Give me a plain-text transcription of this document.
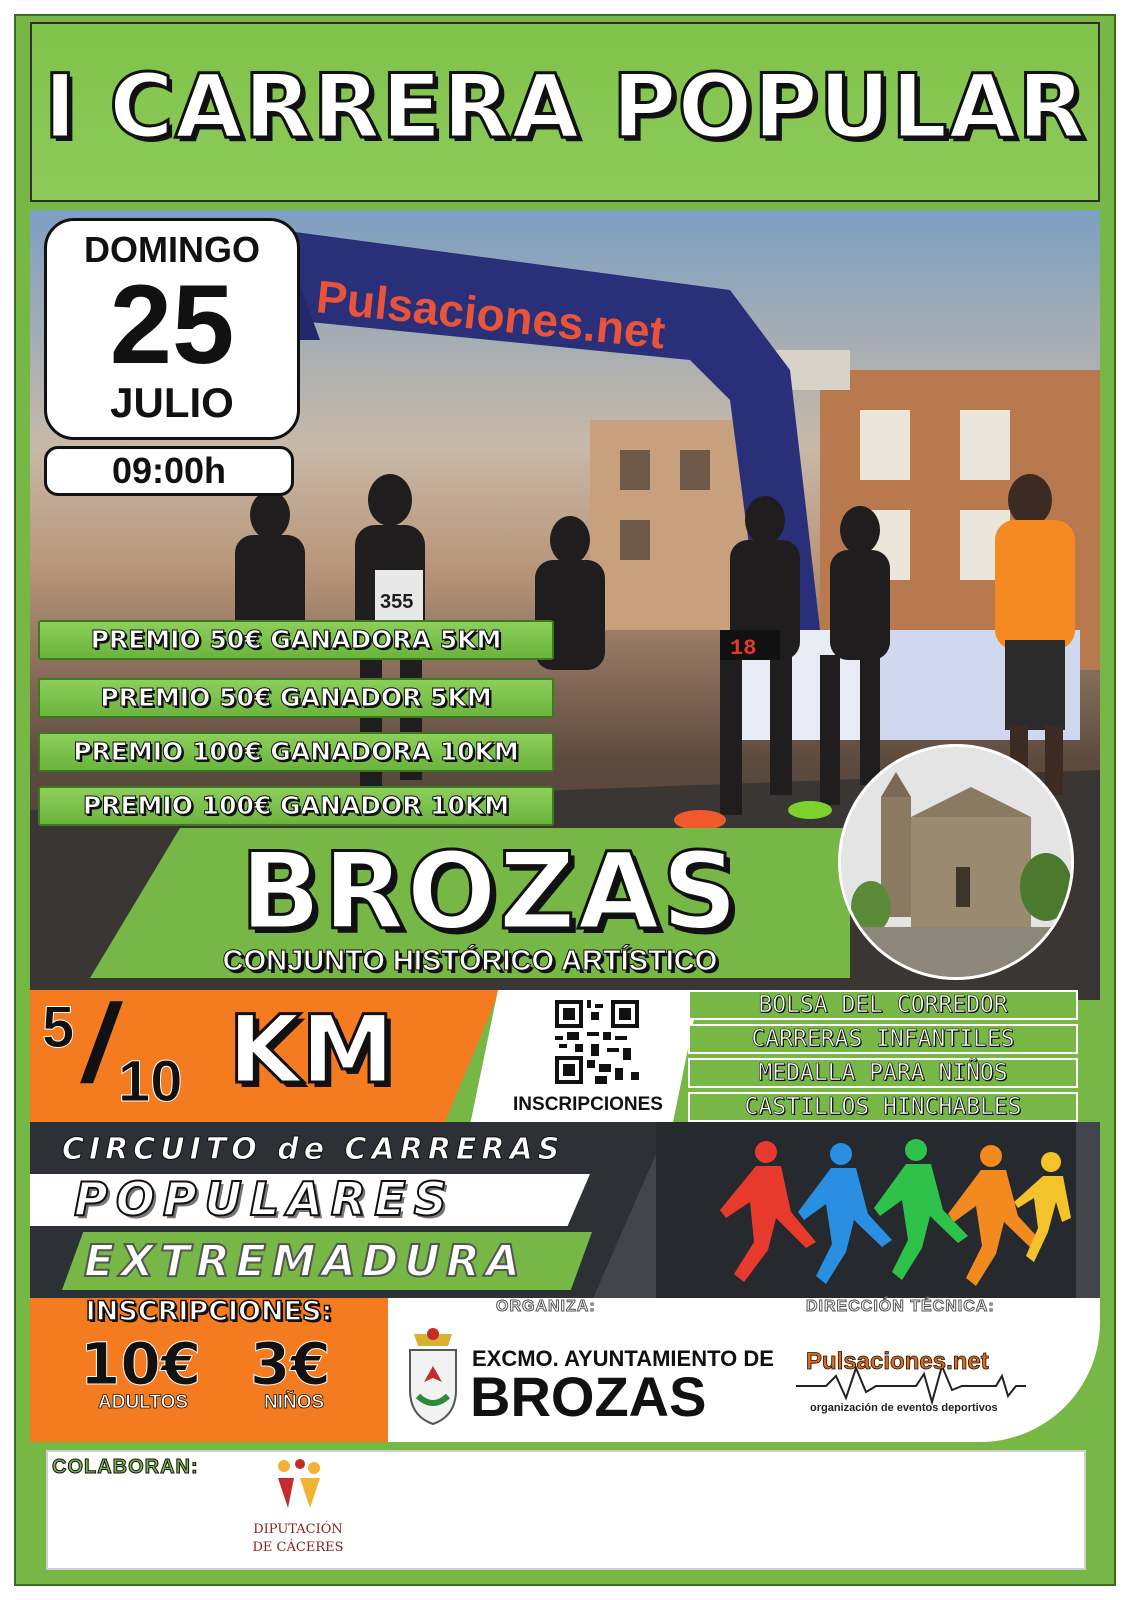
I CARRERA POPULAR
Pulsaciones.net
355
18
DOMINGO
25
JULIO
09:00h
PREMIO 50€ GANADORA 5KM
PREMIO 50€ GANADOR 5KM
PREMIO 100€ GANADORA 10KM
PREMIO 100€ GANADOR 10KM
BROZAS
CONJUNTO HISTÓRICO ARTÍSTICO
5 /
10 KM	INSCRIPCIONES
BOLSA DEL CORREDOR
CARRERAS INFANTILES
MEDALLA PARA NIÑOS
CASTILLOS HINCHABLES
CIRCUITO de CARRERAS
POPULARES
EXTREMADURA
INSCRIPCIONES:
10€ 3€
ADULTOS	NIÑOS
ORGANIZA:
EXCMO. AYUNTAMIENTO DE
BROZAS
DIRECCIÓN TÉCNICA:
Pulsaciones.net
organización de eventos deportivos
COLABORAN:
DIPUTACIÓN
DE CÁCERES
